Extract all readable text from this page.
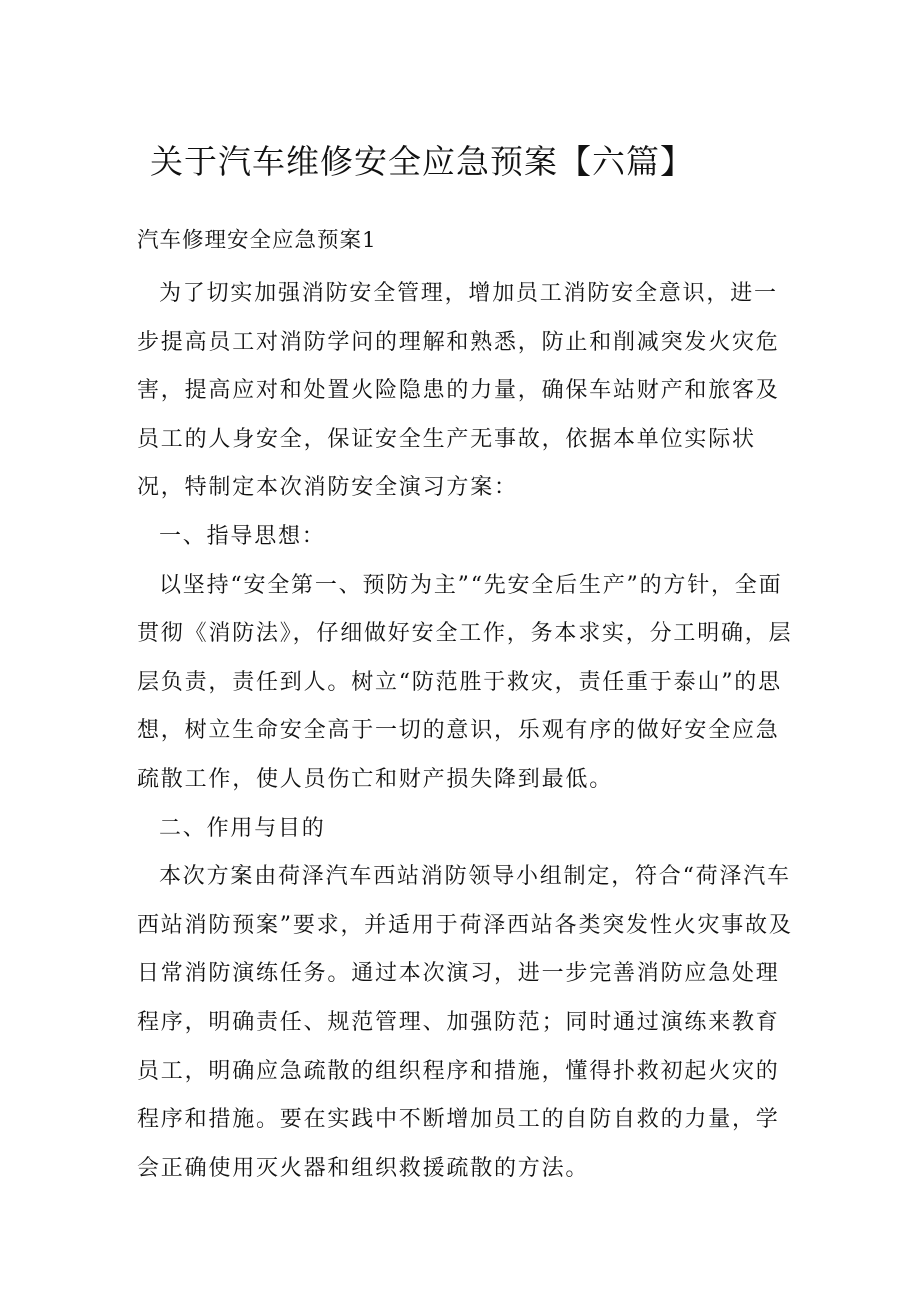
关于汽车维修安全应急预案【六篇】
汽车修理安全应急预案1

为了切实加强消防安全管理，增加员工消防安全意识，进一步提高员工对消防学问的理解和熟悉，防止和削减突发火灾危害，提高应对和处置火险隐患的力量，确保车站财产和旅客及员工的人身安全，保证安全生产无事故，依据本单位实际状况，特制定本次消防安全演习方案：

一、指导思想：

以坚持“安全第一、预防为主”“先安全后生产”的方针，全面贯彻《消防法》，仔细做好安全工作，务本求实，分工明确，层层负责，责任到人。树立“防范胜于救灾，责任重于泰山”的思想，树立生命安全高于一切的意识，乐观有序的做好安全应急疏散工作，使人员伤亡和财产损失降到最低。

二、作用与目的

本次方案由荷泽汽车西站消防领导小组制定，符合“荷泽汽车西站消防预案”要求，并适用于荷泽西站各类突发性火灾事故及日常消防演练任务。通过本次演习，进一步完善消防应急处理程序，明确责任、规范管理、加强防范；同时通过演练来教育员工，明确应急疏散的组织程序和措施，懂得扑救初起火灾的程序和措施。要在实践中不断增加员工的自防自救的力量，学会正确使用灭火器和组织救援疏散的方法。
